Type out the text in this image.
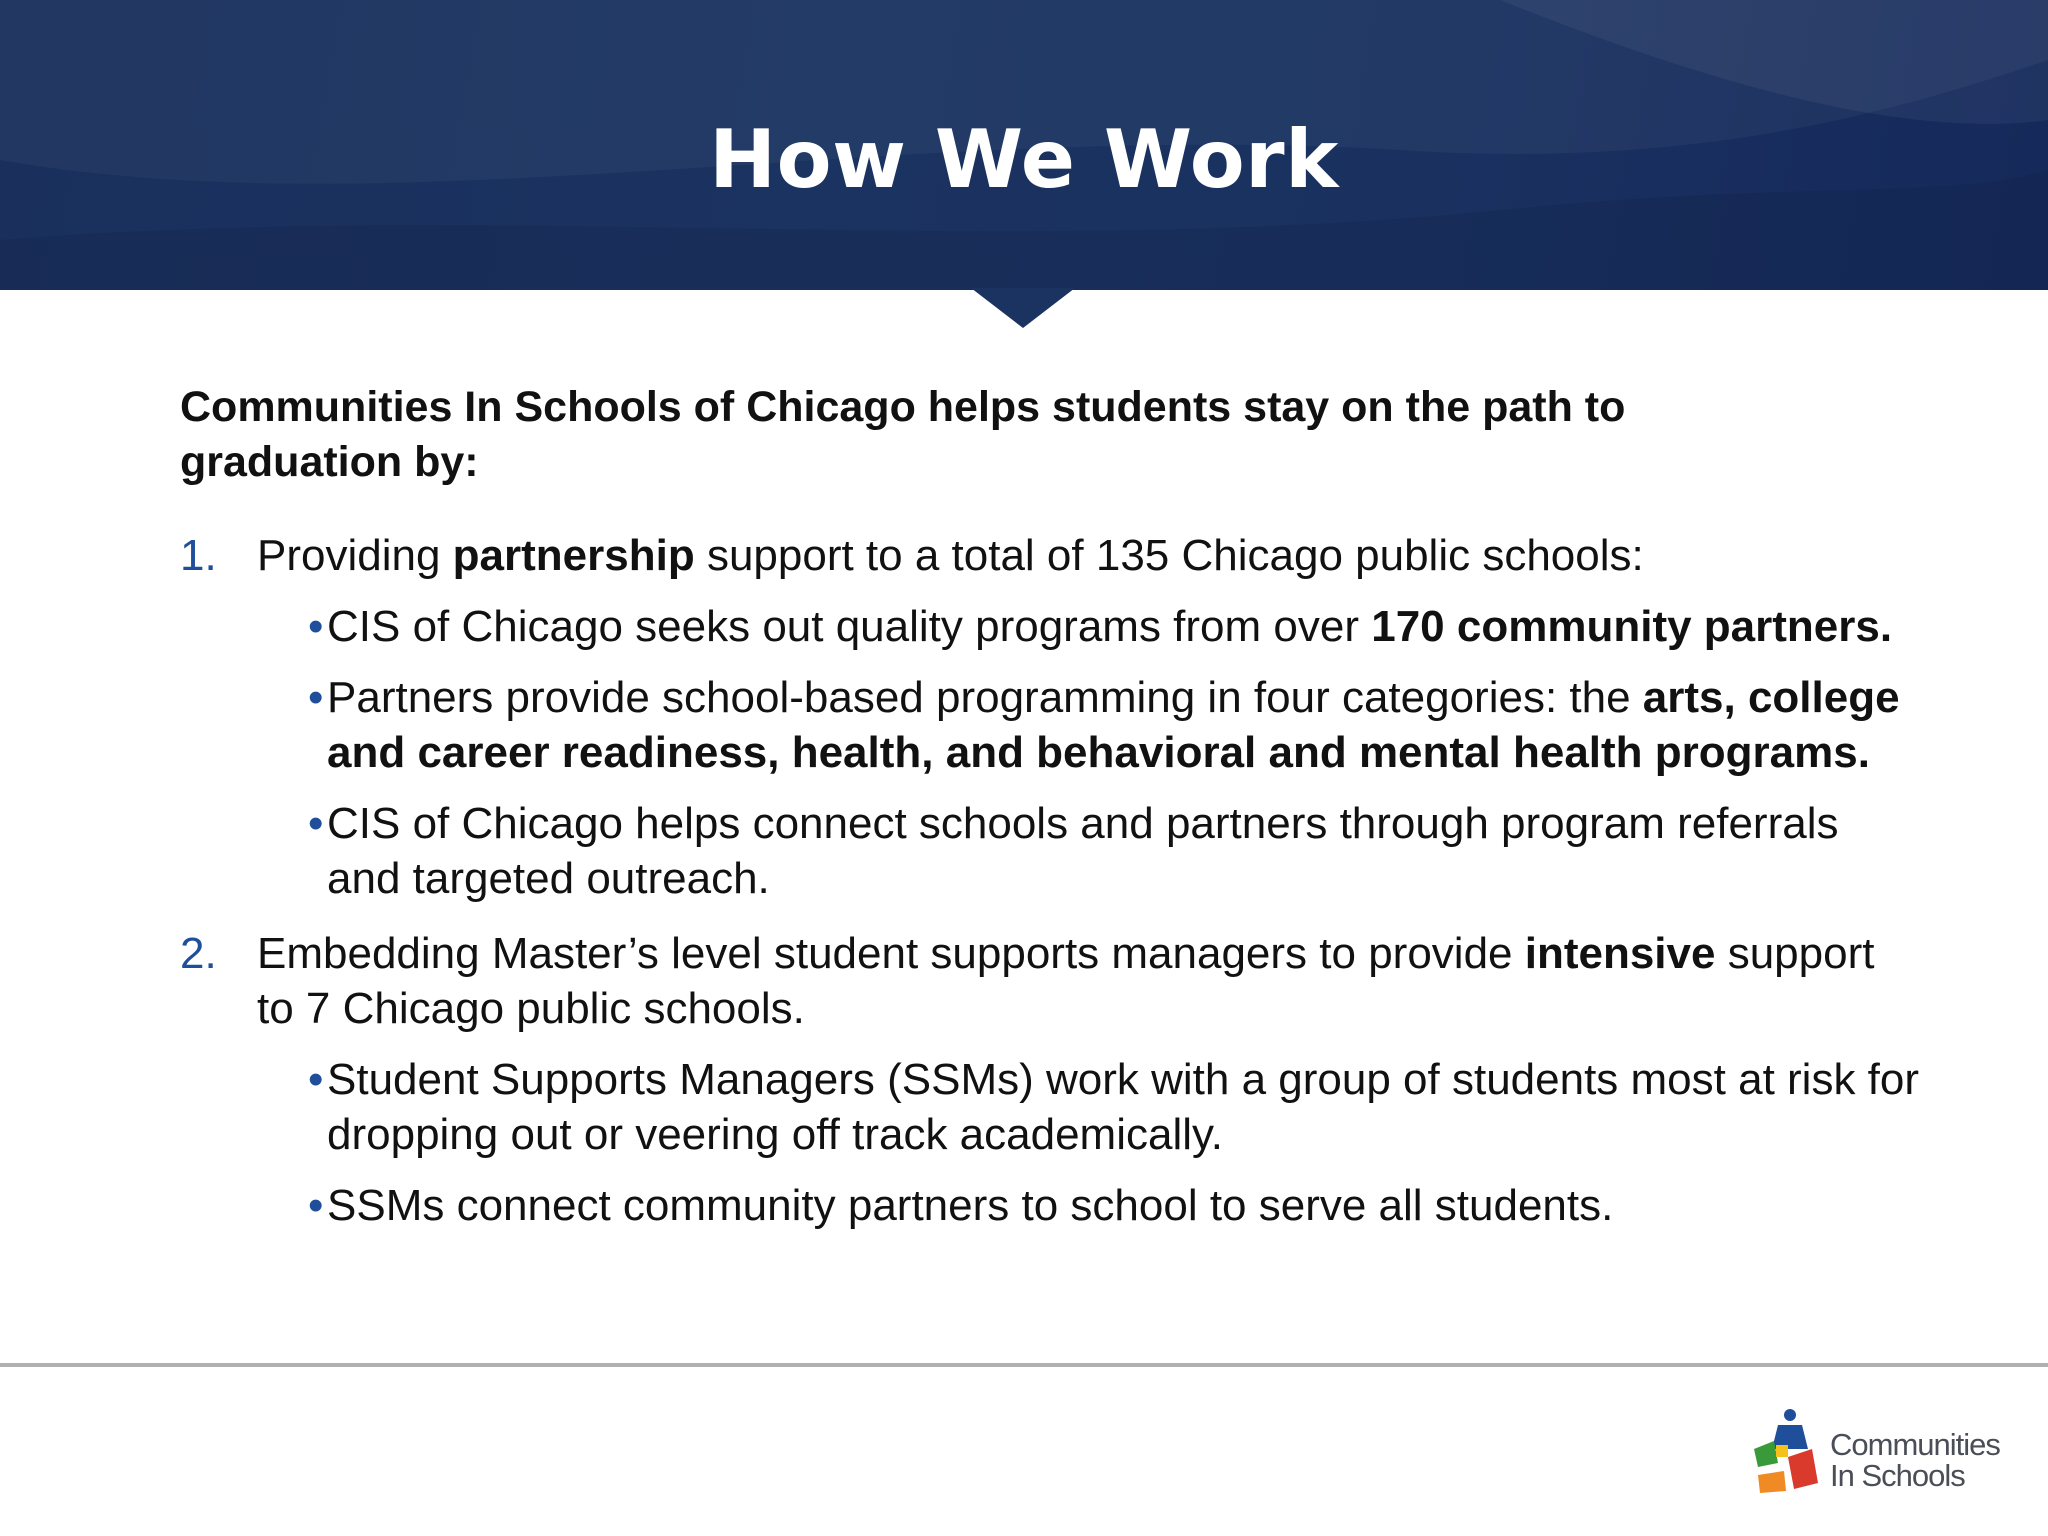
How We Work
Communities In Schools of Chicago helps students stay on the path to graduation by:
1. Providing partnership support to a total of 135 Chicago public schools:
• CIS of Chicago seeks out quality programs from over 170 community partners.
• Partners provide school-based programming in four categories: the arts, college and career readiness, health, and behavioral and mental health programs.
• CIS of Chicago helps connect schools and partners through program referrals and targeted outreach.
2. Embedding Master’s level student supports managers to provide intensive support to 7 Chicago public schools.
• Student Supports Managers (SSMs) work with a group of students most at risk for dropping out or veering off track academically.
• SSMs connect community partners to school to serve all students.
Communities
In Schools
